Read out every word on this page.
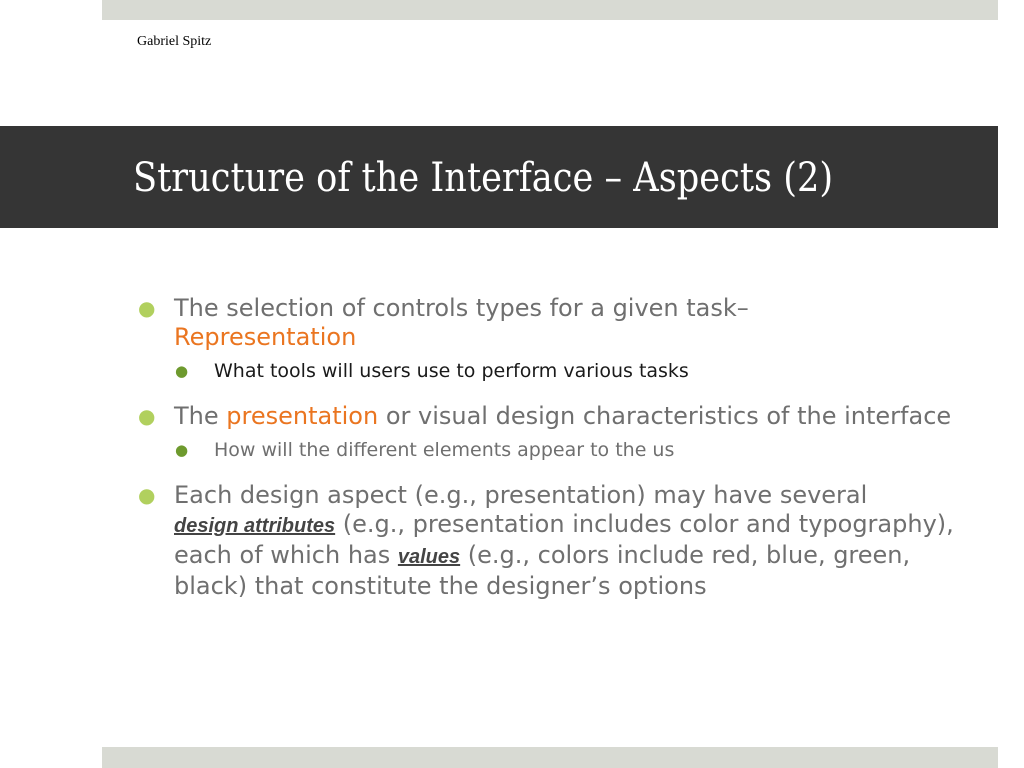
Gabriel Spitz
Structure of the Interface – Aspects (2)
● The selection of controls types for a given task–
Representation
● What tools will users use to perform various tasks
● The presentation or visual design characteristics of the interface
● How will the different elements appear to the us
● Each design aspect (e.g., presentation) may have several
design attributes (e.g., presentation includes color and typography), each of which has values (e.g., colors include red, blue, green, black) that constitute the designer’s options
